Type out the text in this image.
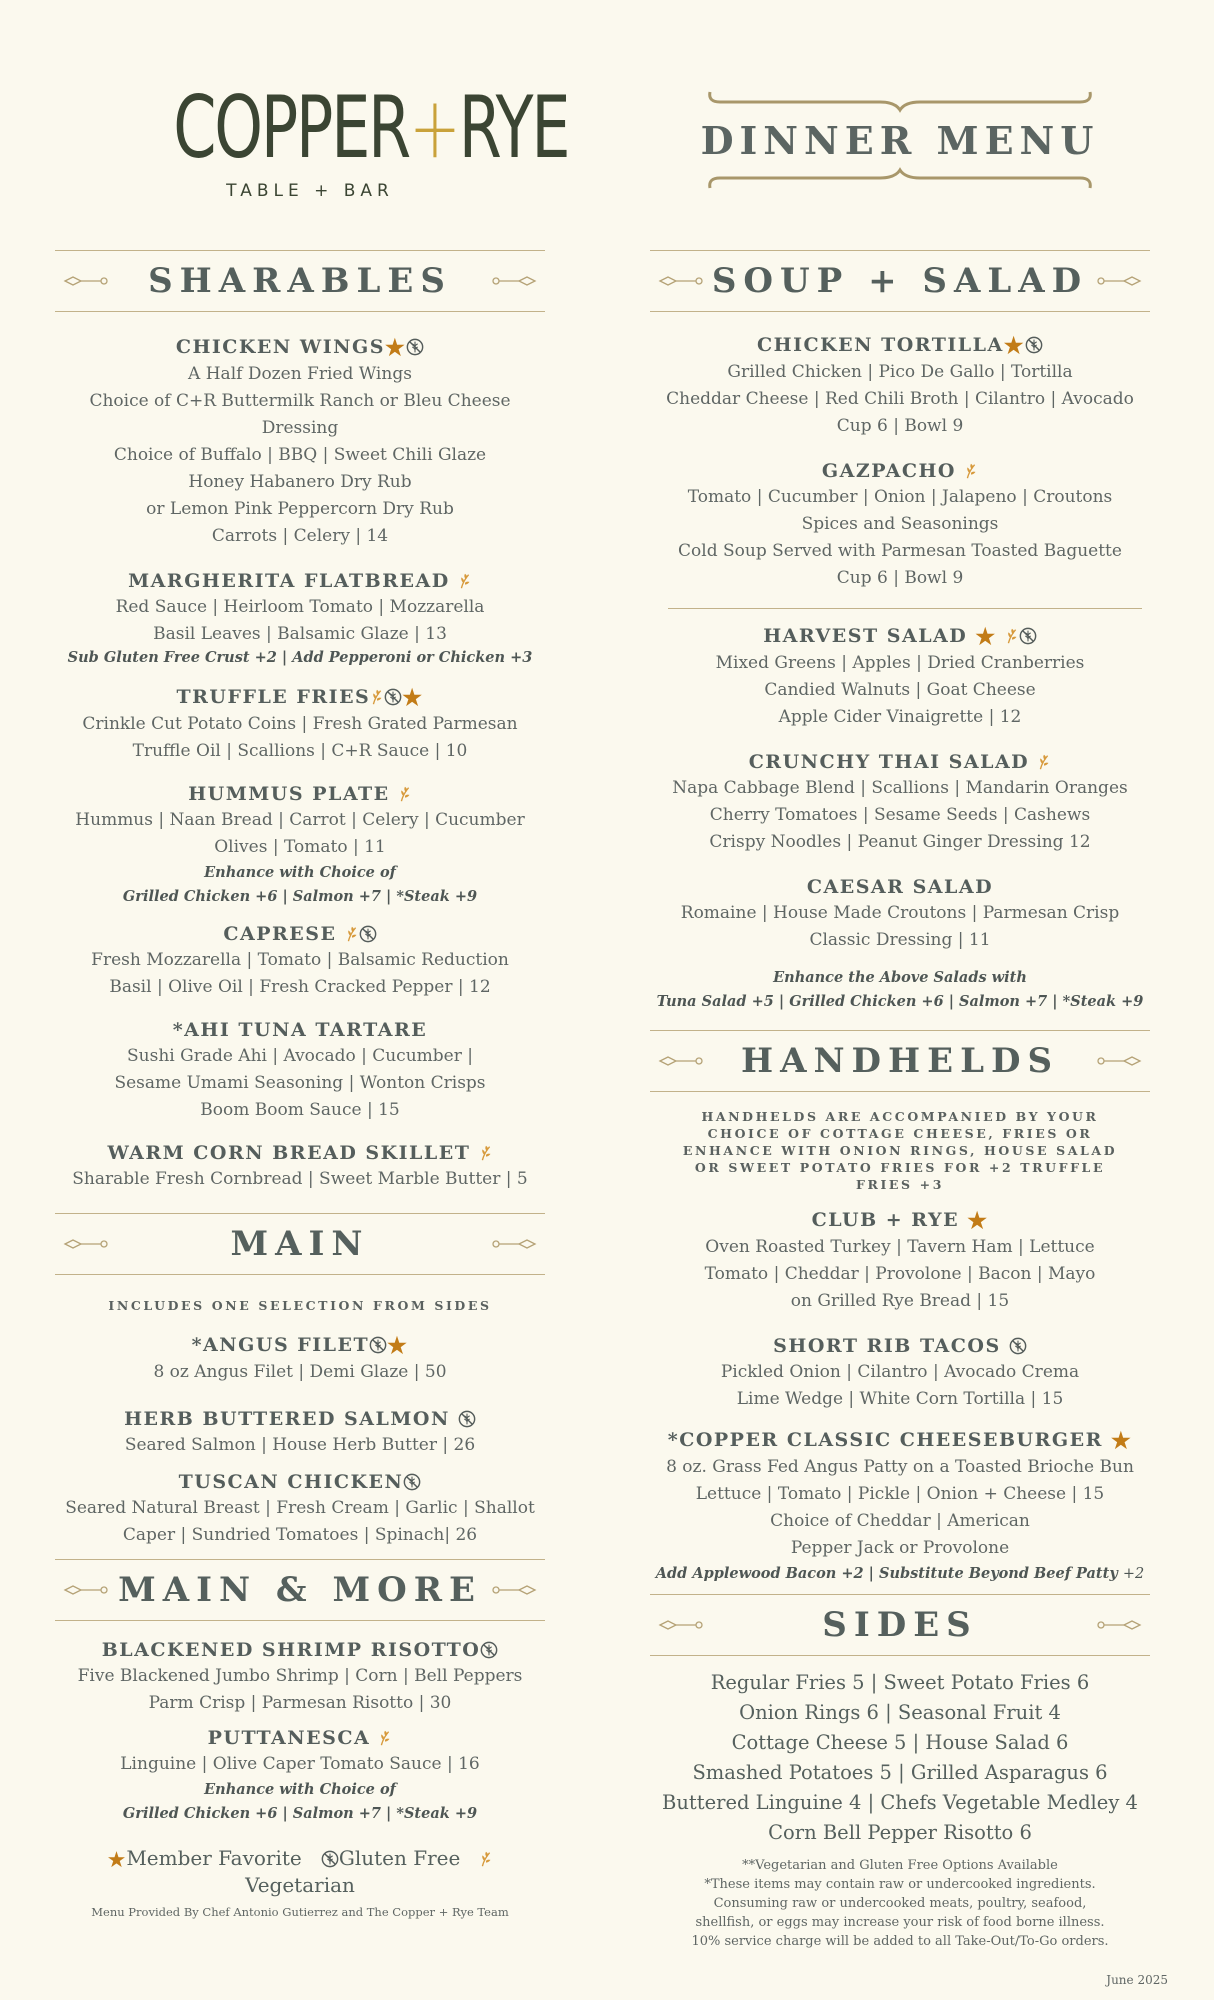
COPPER+RYE
TABLE + BAR
DINNER MENU
SHARABLES
CHICKEN WINGS★
A Half Dozen Fried Wings
Choice of C+R Buttermilk Ranch or Bleu Cheese Dressing
Choice of Buffalo | BBQ | Sweet Chili Glaze
Honey Habanero Dry Rub
or Lemon Pink Peppercorn Dry Rub
Carrots | Celery | 14
MARGHERITA FLATBREAD
Red Sauce | Heirloom Tomato | Mozzarella
Basil Leaves | Balsamic Glaze | 13
Sub Gluten Free Crust +2 | Add Pepperoni or Chicken +3
TRUFFLE FRIES ★
Crinkle Cut Potato Coins | Fresh Grated Parmesan
Truffle Oil | Scallions | C+R Sauce | 10
HUMMUS PLATE
Hummus | Naan Bread | Carrot | Celery | Cucumber
Olives | Tomato | 11
Enhance with Choice of
Grilled Chicken +6 | Salmon +7 | *Steak +9
CAPRESE
Fresh Mozzarella | Tomato | Balsamic Reduction
Basil | Olive Oil | Fresh Cracked Pepper | 12
*AHI TUNA TARTARE
Sushi Grade Ahi | Avocado | Cucumber |
Sesame Umami Seasoning | Wonton Crisps
Boom Boom Sauce | 15
WARM CORN BREAD SKILLET
Sharable Fresh Cornbread | Sweet Marble Butter | 5
MAIN
INCLUDES ONE SELECTION FROM SIDES
*ANGUS FILET ★
8 oz Angus Filet | Demi Glaze | 50
HERB BUTTERED SALMON
Seared Salmon | House Herb Butter | 26
TUSCAN CHICKEN
Seared Natural Breast | Fresh Cream | Garlic | Shallot
Caper | Sundried Tomatoes | Spinach| 26
MAIN & MORE
BLACKENED SHRIMP RISOTTO
Five Blackened Jumbo Shrimp | Corn | Bell Peppers
Parm Crisp | Parmesan Risotto | 30
PUTTANESCA
Linguine | Olive Caper Tomato Sauce | 16
Enhance with Choice of
Grilled Chicken +6 | Salmon +7 | *Steak +9
★Member Favorite Gluten Free   Vegetarian
Menu Provided By Chef Antonio Gutierrez and The Copper + Rye Team
SOUP + SALAD
CHICKEN TORTILLA★
Grilled Chicken | Pico De Gallo | Tortilla
Cheddar Cheese | Red Chili Broth | Cilantro | Avocado
Cup 6 | Bowl 9
GAZPACHO
Tomato | Cucumber | Onion | Jalapeno | Croutons
Spices and Seasonings
Cold Soup Served with Parmesan Toasted Baguette
Cup 6 | Bowl 9
HARVEST SALAD ★
Mixed Greens | Apples | Dried Cranberries
Candied Walnuts | Goat Cheese
Apple Cider Vinaigrette | 12
CRUNCHY THAI SALAD
Napa Cabbage Blend | Scallions | Mandarin Oranges
Cherry Tomatoes | Sesame Seeds | Cashews
Crispy Noodles | Peanut Ginger Dressing 12
CAESAR SALAD
Romaine | House Made Croutons | Parmesan Crisp
Classic Dressing | 11
Enhance the Above Salads with
Tuna Salad +5 | Grilled Chicken +6 | Salmon +7 | *Steak +9
HANDHELDS
HANDHELDS ARE ACCOMPANIED BY YOUR CHOICE OF COTTAGE CHEESE, FRIES OR ENHANCE WITH ONION RINGS, HOUSE SALAD OR SWEET POTATO FRIES FOR +2 TRUFFLE FRIES +3
CLUB + RYE ★
Oven Roasted Turkey | Tavern Ham | Lettuce
Tomato | Cheddar | Provolone | Bacon | Mayo
on Grilled Rye Bread | 15
SHORT RIB TACOS
Pickled Onion | Cilantro | Avocado Crema
Lime Wedge | White Corn Tortilla | 15
*COPPER CLASSIC CHEESEBURGER ★
8 oz. Grass Fed Angus Patty on a Toasted Brioche Bun
Lettuce | Tomato | Pickle | Onion + Cheese | 15
Choice of Cheddar | American
Pepper Jack or Provolone
Add Applewood Bacon +2 | Substitute Beyond Beef Patty +2
SIDES
Regular Fries 5 | Sweet Potato Fries 6
Onion Rings 6 | Seasonal Fruit 4
Cottage Cheese 5 | House Salad 6
Smashed Potatoes 5 | Grilled Asparagus 6
Buttered Linguine 4 | Chefs Vegetable Medley 4
Corn Bell Pepper Risotto 6
**Vegetarian and Gluten Free Options Available
*These items may contain raw or undercooked ingredients.
Consuming raw or undercooked meats, poultry, seafood,
shellfish, or eggs may increase your risk of food borne illness.
10% service charge will be added to all Take-Out/To-Go orders.
June 2025
